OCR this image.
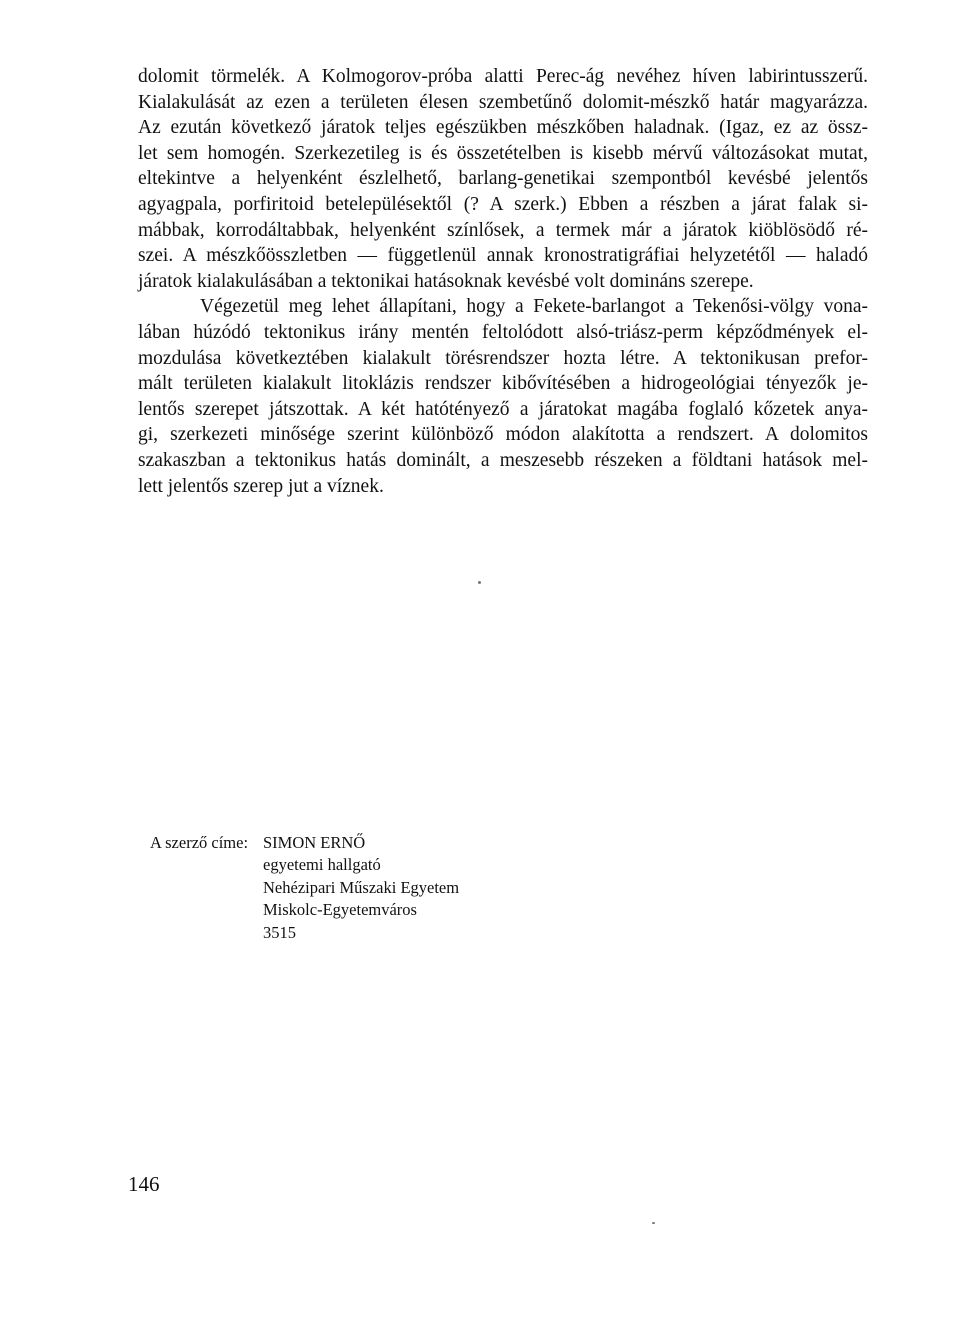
dolomit törmelék. A Kolmogorov-próba alatti Perec-ág nevéhez híven labirintusszerű.
Kialakulását az ezen a területen élesen szembetűnő dolomit-mészkő határ magyarázza.
Az ezután következő járatok teljes egészükben mészkőben haladnak. (Igaz, ez az össz-
let sem homogén. Szerkezetileg is és összetételben is kisebb mérvű változásokat mutat,
eltekintve a helyenként észlelhető, barlang-genetikai szempontból kevésbé jelentős
agyagpala, porfiritoid betelepülésektől (? A szerk.) Ebben a részben a járat falak si-
mábbak, korrodáltabbak, helyenként színlősek, a termek már a járatok kiöblösödő ré-
szei. A mészkőösszletben — függetlenül annak kronostratigráfiai helyzetétől — haladó
járatok kialakulásában a tektonikai hatásoknak kevésbé volt domináns szerepe.
Végezetül meg lehet állapítani, hogy a Fekete-barlangot a Tekenősi-völgy vona-
lában húzódó tektonikus irány mentén feltolódott alsó-triász-perm képződmények el-
mozdulása következtében kialakult törésrendszer hozta létre. A tektonikusan prefor-
mált területen kialakult litoklázis rendszer kibővítésében a hidrogeológiai tényezők je-
lentős szerepet játszottak. A két hatótényező a járatokat magába foglaló kőzetek anya-
gi, szerkezeti minősége szerint különböző módon alakította a rendszert. A dolomitos
szakaszban a tektonikus hatás dominált, a meszesebb részeken a földtani hatások mel-
lett jelentős szerep jut a víznek.
A szerző címe: SIMON ERNŐ
egyetemi hallgató
Nehézipari Műszaki Egyetem
Miskolc-Egyetemváros
3515
146
